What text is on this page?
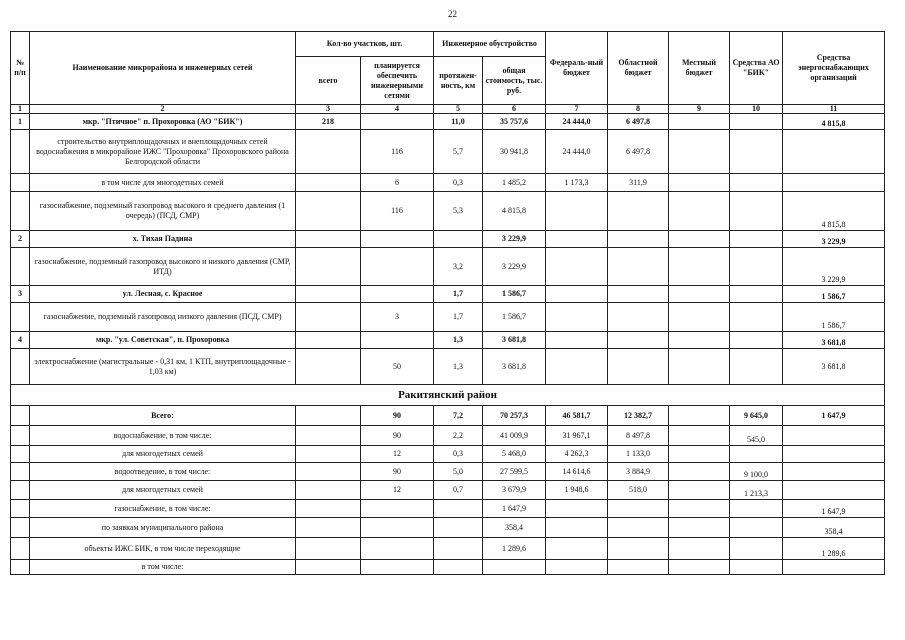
22
№ п/п	Наименование микрорайона и инженерных сетей	Кол-во участков, шт.		Инженерное обустройство		Федераль-ный бюджет	Областной бюджет	Местный бюджет	Средства АО "БИК"	Средства энергоснабжающих организаций
		всего	планируется обеспечить инженерными сетями	протяжен-ность, км	общая стоимость, тыс. руб.					
1	2	3	4	5	6	7	8	9	10	11
1	мкр. "Птичное" п. Прохоровка (АО "БИК")	218		11,0	35 757,6	24 444,0	6 497,8			4 815,8
	строительство внутриплощадочных и внеплощадочных сетей водоснабжения в микрорайоне ИЖС "Прохоровка" Прохоровского района Белгородской области		116	5,7	30 941,8	24 444,0	6 497,8			
	в том числе для многодетных семей		6	0,3	1 485,2	1 173,3	311,9			
	газоснабжение, подземный газопровод высокого и среднего давления (1 очередь) (ПСД, СМР)		116	5,3	4 815,8					4 815,8
2	х. Тихая Падина				3 229,9					3 229,9
	газоснабжение, подземный газопровод высокого и низкого давления (СМР, ИТД)			3,2	3 229,9					3 229,9
3	ул. Лесная, с. Красное			1,7	1 586,7					1 586,7
	газоснабжение, подземный газопровод низкого давления (ПСД, СМР)		3	1,7	1 586,7					1 586,7
4	мкр. "ул. Советская", п. Прохоровка			1,3	3 681,8					3 681,8
	электроснабжение (магистральные - 0,31 км, 1 КТП, внутриплощадочные - 1,03 км)		50	1,3	3 681,8					3 681,8
Ракитянский район										
	Всего:		90	7,2	70 257,3	46 581,7	12 382,7		9 645,0	1 647,9
	водоснабжение, в том числе:		90	2,2	41 009,9	31 967,1	8 497,8		545,0	
	для многодетных семей		12	0,3	5 468,0	4 262,3	1 133,0			
	водоотведение, в том числе:		90	5,0	27 599,5	14 614,6	3 884,9		9 100,0	
	для многодетных семей		12	0,7	3 679,9	1 948,6	518,0		1 213,3	
	газоснабжение, в том числе:				1 647,9					1 647,9
	по заявкам муниципального района				358,4					358,4
	объекты ИЖС БИК, в том числе переходящие				1 289,6					1 289,6
	в том числе:									
